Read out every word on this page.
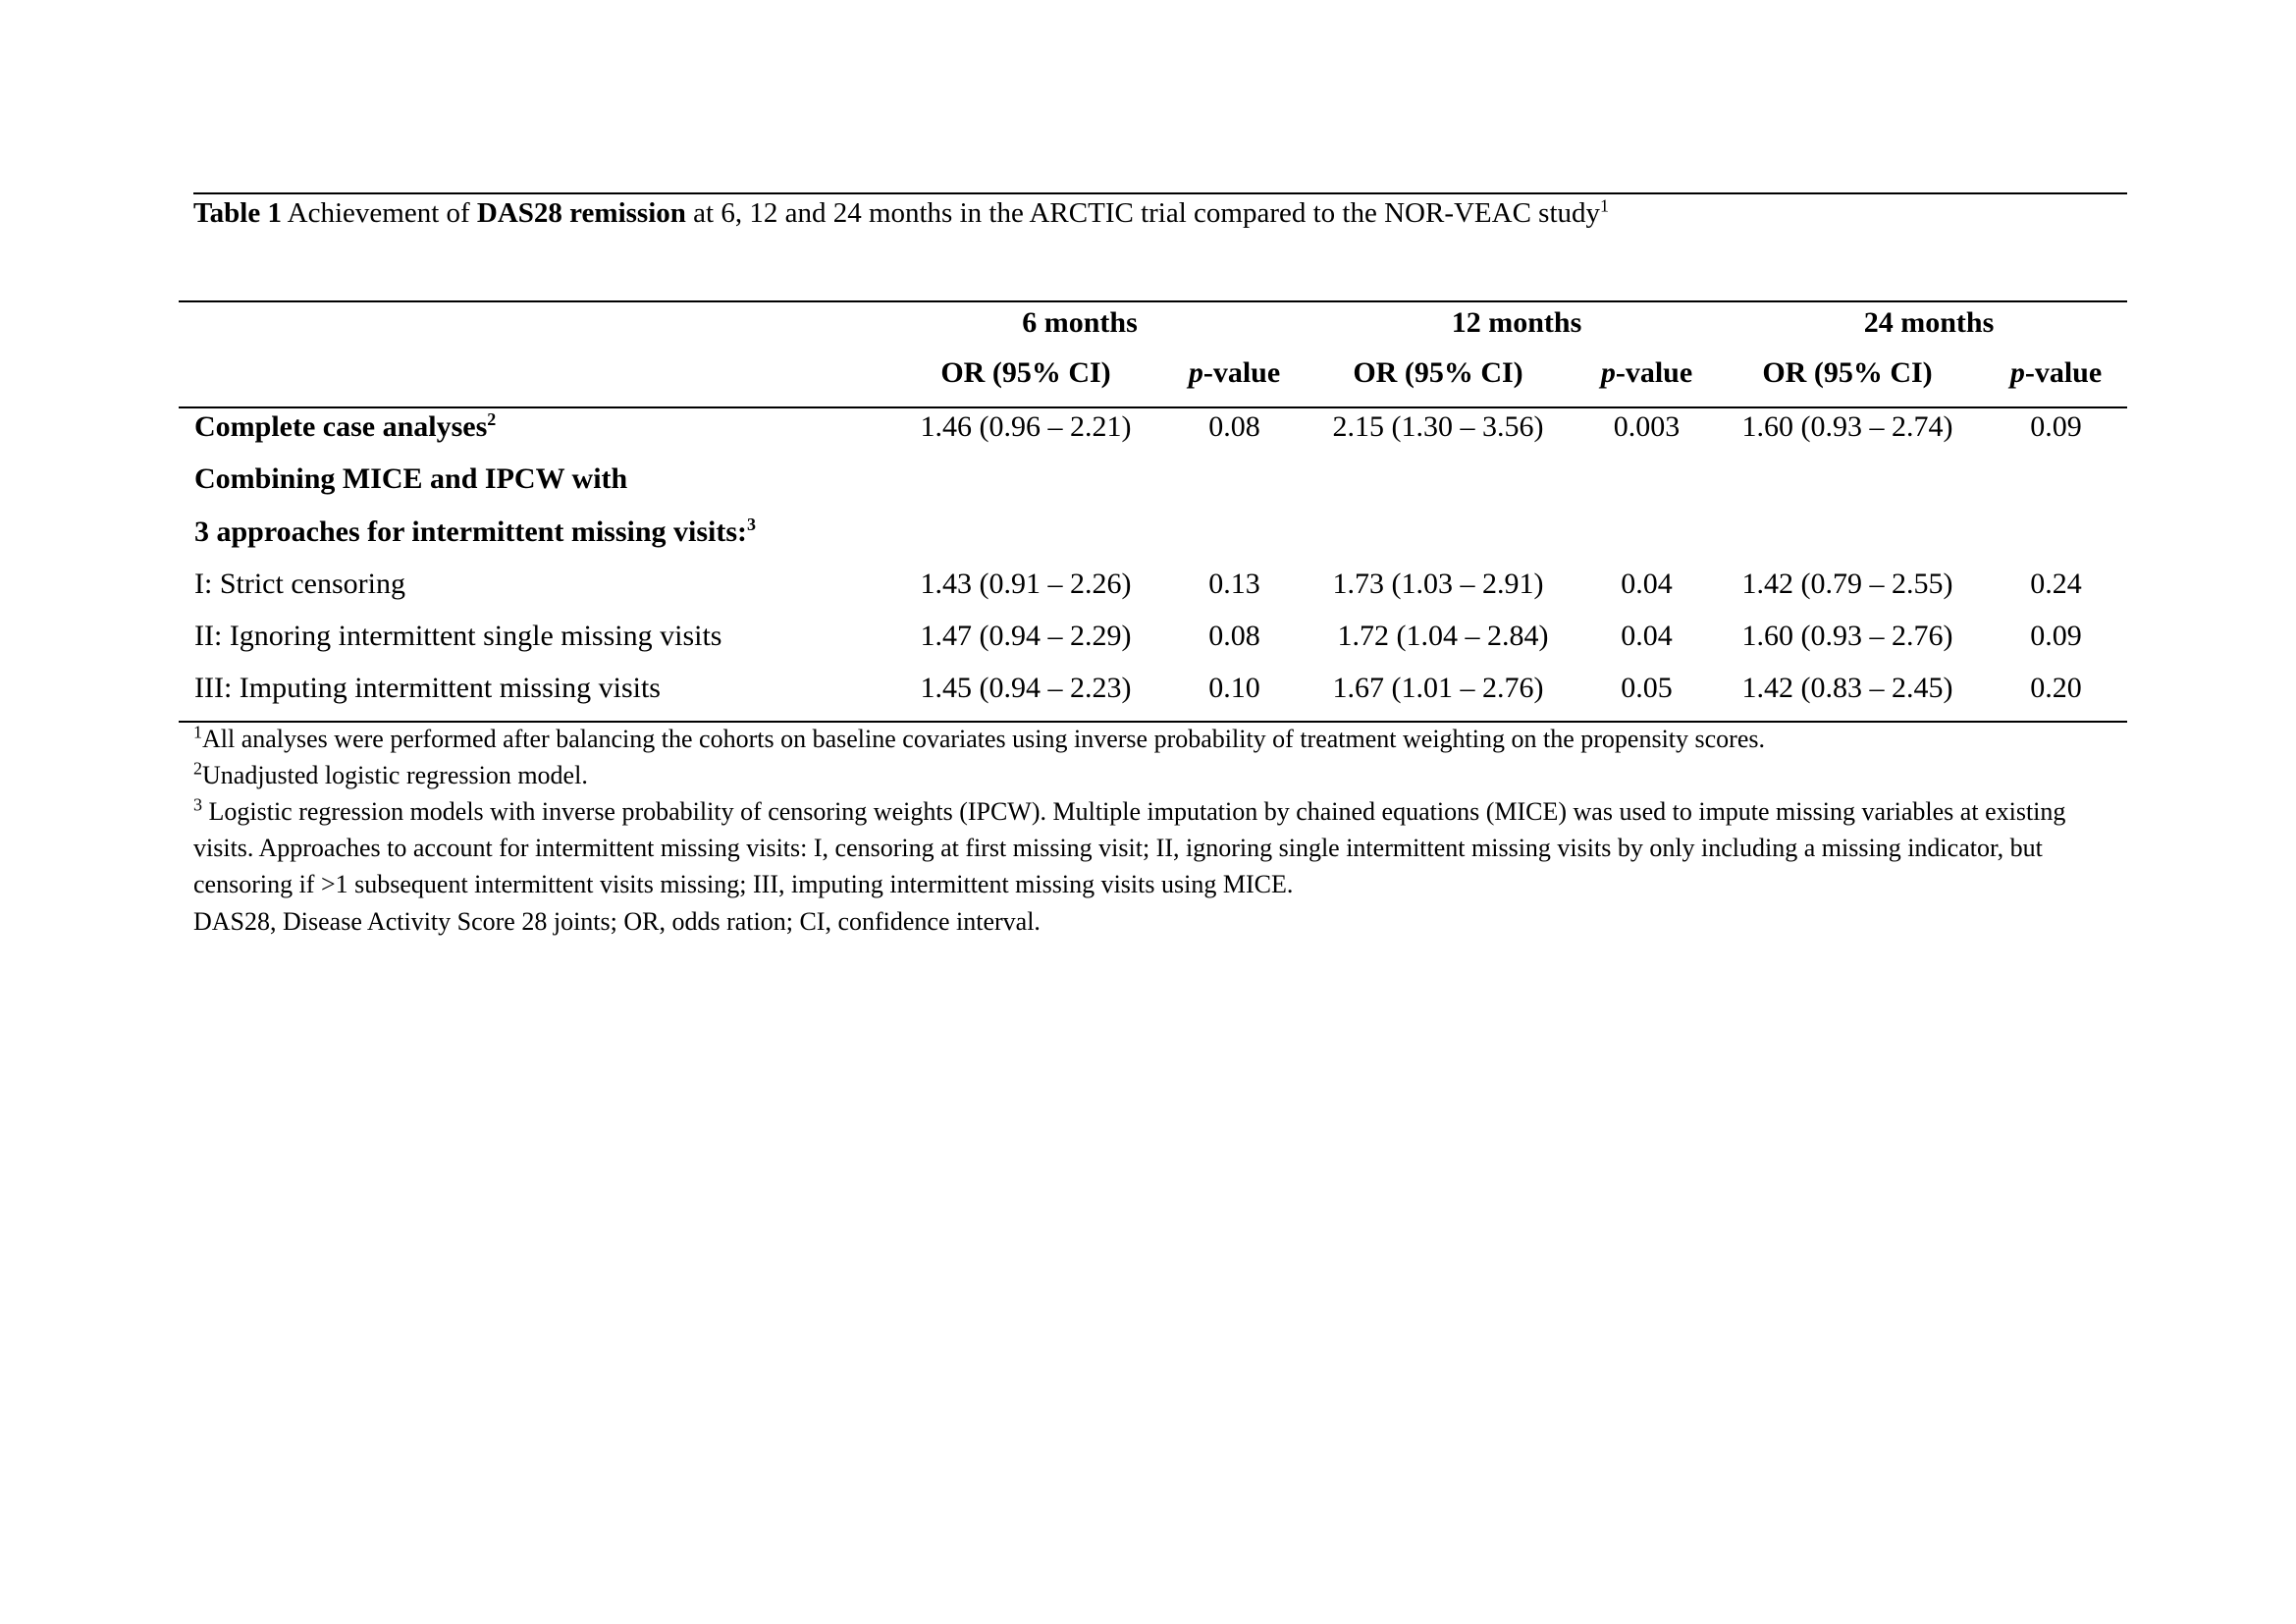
Table 1 Achievement of DAS28 remission at 6, 12 and 24 months in the ARCTIC trial compared to the NOR-VEAC study$^1$
6 months	12 months	24 months
OR (95% CI)	p-value	OR (95% CI)	p-value	OR (95% CI)	p-value
Complete case analyses$^2$	1.46 (0.96 – 2.21)	0.08	2.15 (1.30 – 3.56)	0.003	1.60 (0.93 – 2.74)	0.09
Combining MICE and IPCW with
3 approaches for intermittent missing visits:$^3$
I: Strict censoring	1.43 (0.91 – 2.26)	0.13	1.73 (1.03 – 2.91)	0.04	1.42 (0.79 – 2.55)	0.24
II: Ignoring intermittent single missing visits	1.47 (0.94 – 2.29)	0.08	1.72 (1.04 – 2.84)	0.04	1.60 (0.93 – 2.76)	0.09
III: Imputing intermittent missing visits	1.45 (0.94 – 2.23)	0.10	1.67 (1.01 – 2.76)	0.05	1.42 (0.83 – 2.45)	0.20
$^1$All analyses were performed after balancing the cohorts on baseline covariates using inverse probability of treatment weighting on the propensity scores.
$^2$Unadjusted logistic regression model.
$^3$ Logistic regression models with inverse probability of censoring weights (IPCW). Multiple imputation by chained equations (MICE) was used to impute missing variables at existing visits. Approaches to account for intermittent missing visits: I, censoring at first missing visit; II, ignoring single intermittent missing visits by only including a missing indicator, but censoring if >1 subsequent intermittent visits missing; III, imputing intermittent missing visits using MICE.
DAS28, Disease Activity Score 28 joints; OR, odds ration; CI, confidence interval.
